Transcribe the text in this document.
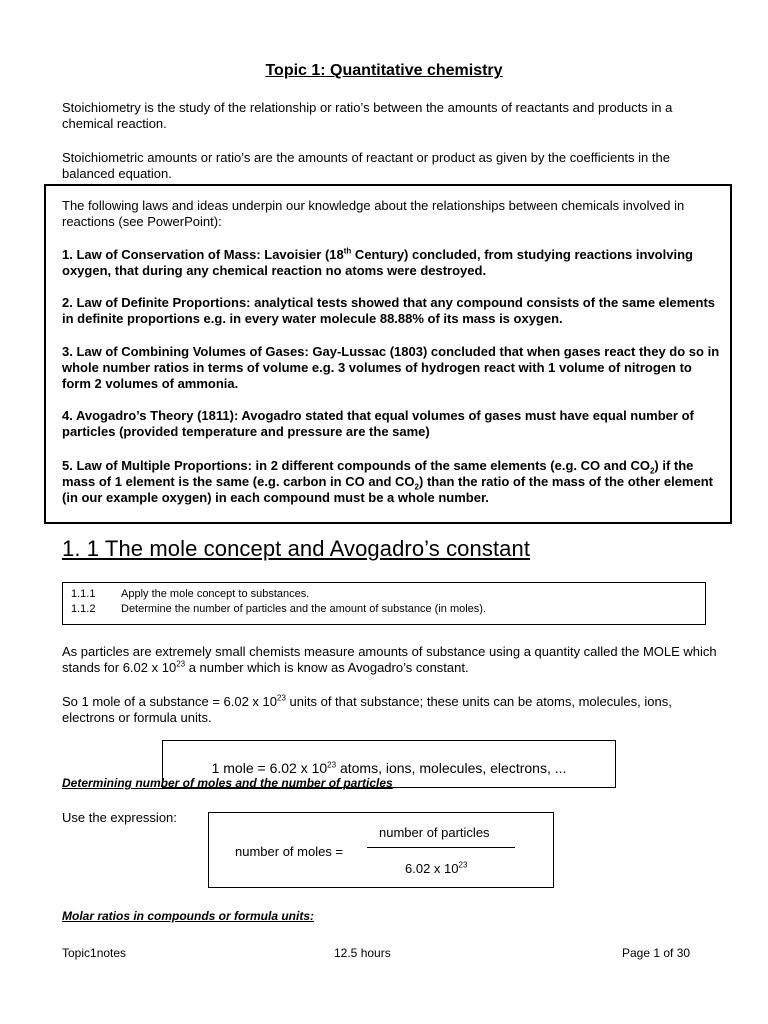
Topic 1: Quantitative chemistry
Stoichiometry is the study of the relationship or ratio’s between the amounts of reactants and products in a chemical reaction.
Stoichiometric amounts or ratio’s are the amounts of reactant or product as given by the coefficients in the balanced equation.
The following laws and ideas underpin our knowledge about the relationships between chemicals involved in reactions (see PowerPoint):
1. Law of Conservation of Mass: Lavoisier (18th Century) concluded, from studying reactions involving oxygen, that during any chemical reaction no atoms were destroyed.
2. Law of Definite Proportions: analytical tests showed that any compound consists of the same elements in definite proportions e.g. in every water molecule 88.88% of its mass is oxygen.
3. Law of Combining Volumes of Gases: Gay-Lussac (1803) concluded that when gases react they do so in whole number ratios in terms of volume e.g. 3 volumes of hydrogen react with 1 volume of nitrogen to form 2 volumes of ammonia.
4. Avogadro’s Theory (1811): Avogadro stated that equal volumes of gases must have equal number of particles (provided temperature and pressure are the same)
5. Law of Multiple Proportions: in 2 different compounds of the same elements (e.g. CO and $CO_2$) if the mass of 1 element is the same (e.g. carbon in CO and $CO_2$) than the ratio of the mass of the other element (in our example oxygen) in each compound must be a whole number.
1. 1 The mole concept and Avogadro’s constant
1.1.1	Apply the mole concept to substances.
1.1.2	Determine the number of particles and the amount of substance (in moles).
As particles are extremely small chemists measure amounts of substance using a quantity called the MOLE which stands for 6.02 x $10^{23}$ a number which is know as Avogadro’s constant.
So 1 mole of a substance = 6.02 x $10^{23}$ units of that substance; these units can be atoms, molecules, ions, electrons or formula units.
1 mole = 6.02 x $10^{23}$ atoms, ions, molecules, electrons, ...
Determining number of moles and the number of particles
Use the expression:
number of moles =
number of particles
6.02 x $10^{23}$
Molar ratios in compounds or formula units:
Topic1notes	12.5 hours	Page 1 of 30
